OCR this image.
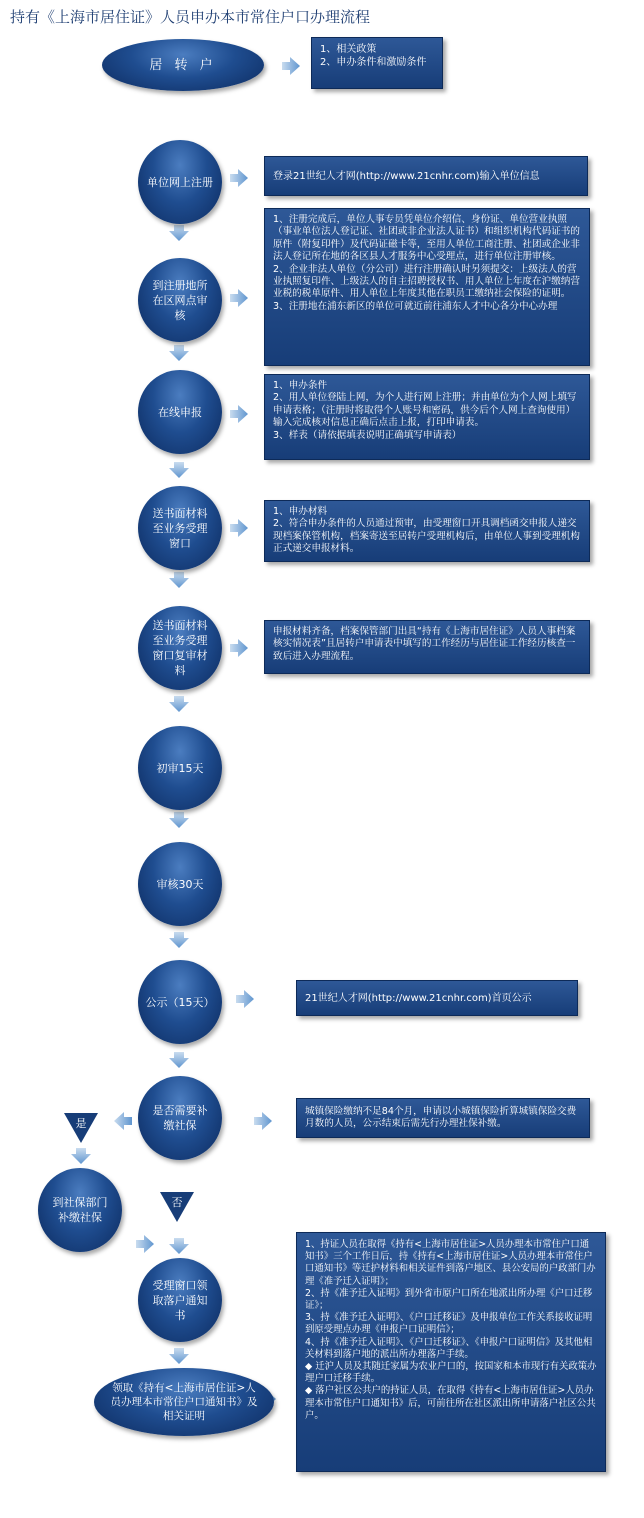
持有《上海市居住证》人员申办本市常住户口办理流程
是
否
居 转 户
单位网上注册
到注册地所在区网点审核
在线申报
送书面材料至业务受理窗口
送书面材料至业务受理窗口复审材料
初审15天
审核30天
公示（15天）
是否需要补缴社保
到社保部门补缴社保
受理窗口领取落户通知书
领取《持有<上海市居住证>人员办理本市常住户口通知书》及相关证明

1、相关政策

2、申办条件和激励条件

登录21世纪人才网(http://www.21cnhr.com)输入单位信息

1、注册完成后，单位人事专员凭单位介绍信、身份证、单位营业执照（事业单位法人登记证、社团或非企业法人证书）和组织机构代码证书的原件（附复印件）及代码证磁卡等，至用人单位工商注册、社团或企业非法人登记所在地的各区县人才服务中心受理点，进行单位注册审核。

2、企业非法人单位（分公司）进行注册确认时另须提交：上级法人的营业执照复印件、上级法人的自主招聘授权书、用人单位上年度在沪缴纳营业税的税单原件、用人单位上年度其他在职员工缴纳社会保险的证明。

3、注册地在浦东新区的单位可就近前往浦东人才中心各分中心办理

1、申办条件

2、用人单位登陆上网，为个人进行网上注册；并由单位为个人网上填写申请表格；（注册时将取得个人账号和密码，供今后个人网上查询使用）输入完成核对信息正确后点击上报，打印申请表。

3、样表（请依据填表说明正确填写申请表）

1、申办材料

2、符合申办条件的人员通过预审，由受理窗口开具调档函交申报人递交现档案保管机构，档案寄送至居转户受理机构后，由单位人事到受理机构正式递交申报材料。

申报材料齐备，档案保管部门出具“持有《上海市居住证》人员人事档案核实情况表”且居转户申请表中填写的工作经历与居住证工作经历核查一致后进入办理流程。

21世纪人才网(http://www.21cnhr.com)首页公示

城镇保险缴纳不足84个月，申请以小城镇保险折算城镇保险交费月数的人员，公示结束后需先行办理社保补缴。

1、持证人员在取得《持有<上海市居住证>人员办理本市常住户口通知书》三个工作日后，持《持有<上海市居住证>人员办理本市常住户口通知书》等迁护材料和相关证件到落户地区、县公安局的户政部门办理《准予迁入证明》；

2、持《准予迁入证明》到外省市原户口所在地派出所办理《户口迁移证》；

3、持《准予迁入证明》、《户口迁移证》及申报单位工作关系接收证明到原受理点办理《申报户口证明信》；

4、持《准予迁入证明》、《户口迁移证》、《申报户口证明信》及其他相关材料到落户地的派出所办理落户手续。

◆ 迁沪人员及其随迁家属为农业户口的，按国家和本市现行有关政策办理户口迁移手续。

◆ 落户社区公共户的持证人员，在取得《持有<上海市居住证>人员办理本市常住户口通知书》后，可前往所在社区派出所申请落户社区公共户。
